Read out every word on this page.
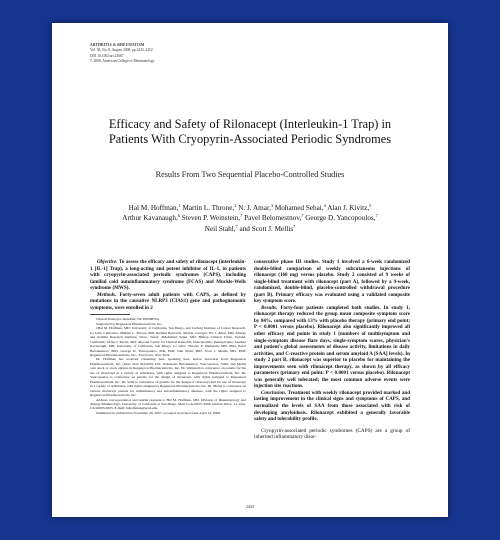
ARTHRITIS & RHEUMATISM
Vol. 58, No. 8, August 2008, pp 2443–2452
DOI 10.1002/art.23687
© 2008, American College of Rheumatology
Efficacy and Safety of Rilonacept (Interleukin-1 Trap) in
Patients With Cryopyrin-Associated Periodic Syndromes
Results From Two Sequential Placebo-Controlled Studies
Hal M. Hoffman,$^1$ Martin L. Throne,$^2$ N. J. Amar,$^3$ Mohamed Sebai,$^4$ Alan J. Kivitz,$^5$
Arthur Kavanaugh,$^6$ Steven P. Weinstein,$^7$ Pavel Belomestnov,$^7$ George D. Yancopoulos,$^7$
Neil Stahl,$^7$ and Scott J. Mellis$^7$

Objective. To assess the efficacy and safety of rilonacept (interleukin-1 [IL-1] Trap), a long-acting and potent inhibitor of IL-1, in patients with cryopyrin-associated periodic syndromes (CAPS), including familial cold autoinflammatory syndrome (FCAS) and Muckle-Wells syndrome (MWS).

Methods. Forty-seven adult patients with CAPS, as defined by mutations in the causative NLRP3 (CIAS1) gene and pathognomonic symptoms, were enrolled in 2

ClinicalTrials.gov identifier: NCT00288704.

Supported by Regeneron Pharmaceuticals, Inc.

1Hal M. Hoffman, MD: University of California, San Diego, and Ludwig Institute of Cancer Research, La Jolla, California; 2Martin L. Throne, MD: Radiant Research, Atlanta, Georgia; 3N. J. Amar, MD: Allergy and Asthma Research Institute, Waco, Texas; 4Mohamed Sebai, MD: Bishop Clinical Trials, Upland, California; 5Alan J. Kivitz, MD: Altoona Center for Clinical Research, Duncansville, Pennsylvania; 6Arthur Kavanaugh, MD: University of California, San Diego, La Jolla; 7Steven P. Weinstein, MD, PhD, Pavel Belomestnov, PhD, George D. Yancopoulos, MD, PhD, Neil Stahl, PhD, Scott J. Mellis, MD, PhD: Regeneron Pharmaceuticals, Inc., Tarrytown, New York.

Dr. Hoffman has received consulting fees, speaking fees, and/or honoraria from Regeneron Pharmaceuticals, Inc. (more than $10,000). Drs. Weinstein, Belomestnov, Yancopoulos, Stahl, and Mellis own stock or stock options in Regeneron Pharmaceuticals, Inc. Dr. Weinstein is coinventor on patents for the use of rilonacept in a variety of arthritides, with rights assigned to Regeneron Pharmaceuticals, Inc. Dr. Yancopoulos is coinventor on patents for the design of rilonacept, with rights assigned to Regeneron Pharmaceuticals, Inc. Dr. Stahl is coinventor on patents for the design of rilonacept and for use of rilonacept in a variety of arthritides, with rights assigned to Regeneron Pharmaceuticals, Inc. Dr. Mellis is coinventor on various rilonacept patents for inflammatory and autoinflammatory diseases, with the rights assigned to Regeneron Pharmaceuticals, Inc.

Address correspondence and reprint requests to Hal M. Hoffman, MD, Division of Rheumatology and Allergy/Immunology, University of California at San Diego, Mail Code 0635, 9500 Gilman Drive, La Jolla, CA 92093-0635. E-mail: hahoffman@ucsd.edu.

Submitted for publication November 26, 2007; accepted in revised form April 14, 2008.

consecutive phase III studies. Study 1 involved a 6-week randomized double-blind comparison of weekly subcutaneous injections of rilonacept (160 mg) versus placebo. Study 2 consisted of 9 weeks of single-blind treatment with rilonacept (part A), followed by a 9-week, randomized, double-blind, placebo-controlled withdrawal procedure (part B). Primary efficacy was evaluated using a validated composite key symptom score.

Results. Forty-four patients completed both studies. In study 1, rilonacept therapy reduced the group mean composite symptom score by 84%, compared with 13% with placebo therapy (primary end point; P < 0.0001 versus placebo). Rilonacept also significantly improved all other efficacy end points in study 1 (numbers of multisymptom and single-symptom disease flare days, single-symptom scores, physician's and patient's global assessments of disease activity, limitations in daily activities, and C-reactive protein and serum amyloid A [SAA] levels). In study 2 part B, rilonacept was superior to placebo for maintaining the improvements seen with rilonacept therapy, as shown by all efficacy parameters (primary end point; P < 0.0001 versus placebo). Rilonacept was generally well tolerated; the most common adverse events were injection site reactions.

Conclusion. Treatment with weekly rilonacept provided marked and lasting improvement in the clinical signs and symptoms of CAPS, and normalized the levels of SAA from those associated with risk of developing amyloidosis. Rilonacept exhibited a generally favorable safety and tolerability profile.

Cryopyrin-associated periodic syndromes (CAPS) are a group of inherited inflammatory disor-

2443
